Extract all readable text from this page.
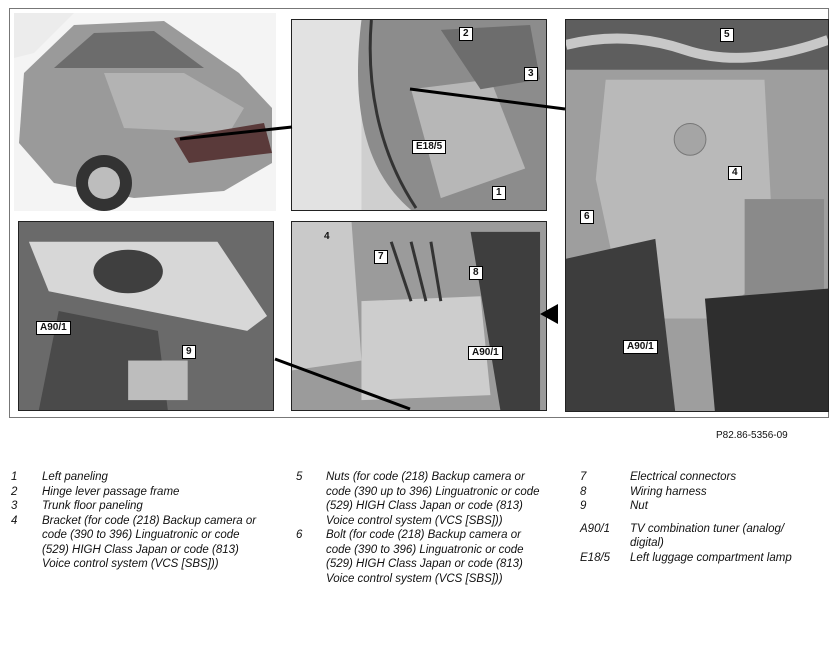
2
3
E18/5
1
5
4
6
A90/1
4
7
8
A90/1
A90/1
9
P82.86-5356-09
1 Left paneling
2 Hinge lever passage frame
3 Trunk floor paneling
4 Bracket (for code (218) Backup camera or code (390 to 396) Linguatronic or code (529) HIGH Class Japan or code (813) Voice control system (VCS [SBS]))
5 Nuts (for code (218) Backup camera or code (390 up to 396) Linguatronic or code (529) HIGH Class Japan or code (813) Voice control system (VCS [SBS]))
6 Bolt (for code (218) Backup camera or code (390 to 396) Linguatronic or code (529) HIGH Class Japan or code (813) Voice control system (VCS [SBS]))
7	Electrical connectors
8	Wiring harness
9	Nut
A90/1 TV combination tuner (analog/ digital)
E18/5 Left luggage compartment lamp
